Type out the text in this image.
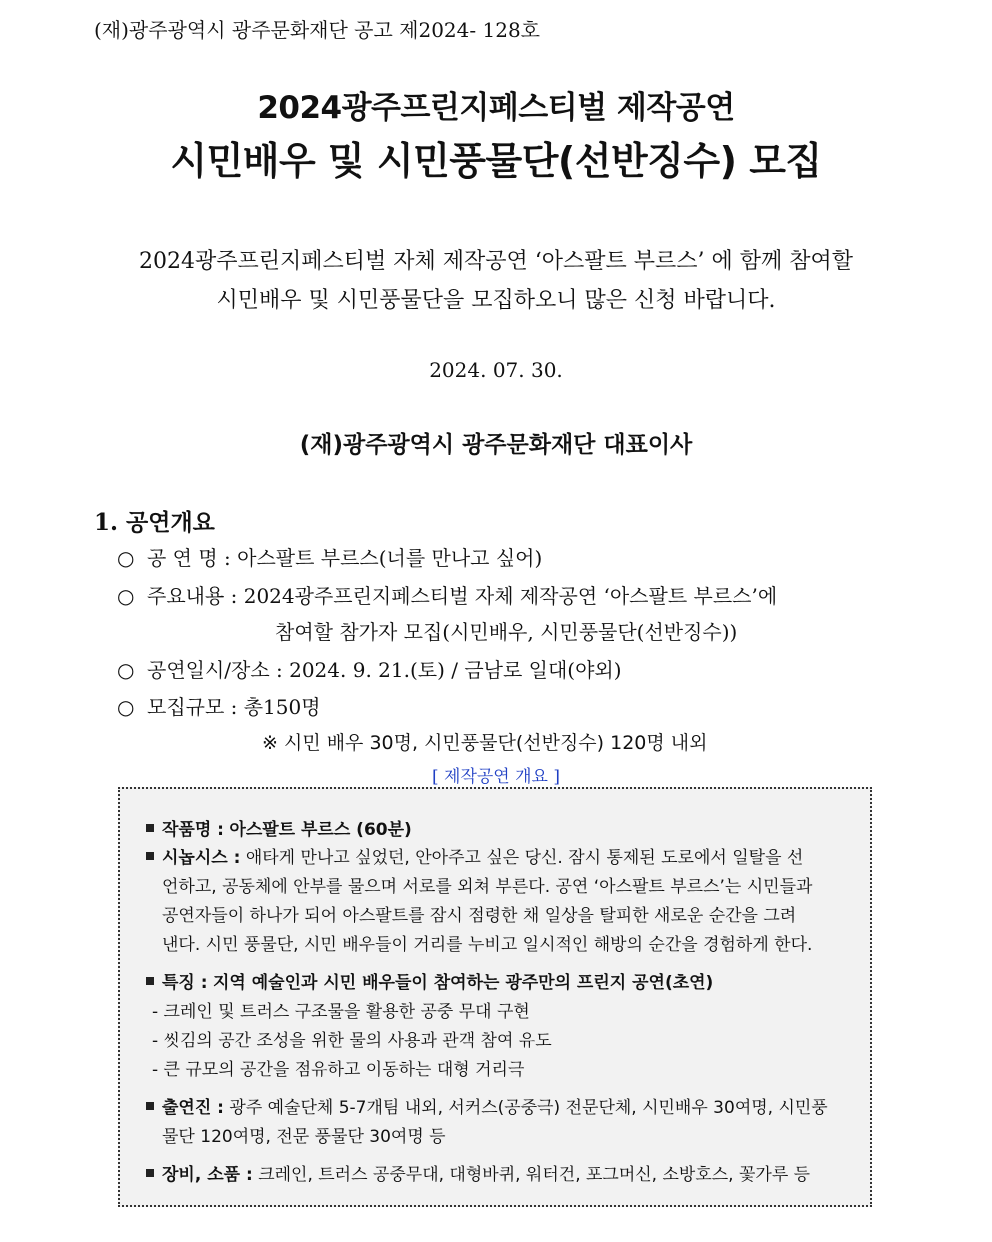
(재)광주광역시 광주문화재단 공고 제2024- 128호
2024광주프린지페스티벌 제작공연
시민배우 및 시민풍물단(선반징수) 모집
2024광주프린지페스티벌 자체 제작공연 ‘아스팔트 부르스’ 에 함께 참여할
시민배우 및 시민풍물단을 모집하오니 많은 신청 바랍니다.
2024. 07. 30.
(재)광주광역시 광주문화재단 대표이사
1. 공연개요
○ 공 연 명 : 아스팔트 부르스(너를 만나고 싶어)
○ 주요내용 : 2024광주프린지페스티벌 자체 제작공연 ‘아스팔트 부르스’에
참여할 참가자 모집(시민배우, 시민풍물단(선반징수))
○ 공연일시/장소 : 2024. 9. 21.(토) / 금남로 일대(야외)
○ 모집규모 : 총150명
※ 시민 배우 30명, 시민풍물단(선반징수) 120명 내외
[ 제작공연 개요 ]
작품명 : 아스팔트 부르스 (60분)
시놉시스 : 애타게 만나고 싶었던, 안아주고 싶은 당신. 잠시 통제된 도로에서 일탈을 선
언하고, 공동체에 안부를 물으며 서로를 외쳐 부른다. 공연 ‘아스팔트 부르스’는 시민들과
공연자들이 하나가 되어 아스팔트를 잠시 점령한 채 일상을 탈피한 새로운 순간을 그려
낸다. 시민 풍물단, 시민 배우들이 거리를 누비고 일시적인 해방의 순간을 경험하게 한다.
특징 : 지역 예술인과 시민 배우들이 참여하는 광주만의 프린지 공연(초연)
- 크레인 및 트러스 구조물을 활용한 공중 무대 구현
- 씻김의 공간 조성을 위한 물의 사용과 관객 참여 유도
- 큰 규모의 공간을 점유하고 이동하는 대형 거리극
출연진 : 광주 예술단체 5-7개팀 내외, 서커스(공중극) 전문단체, 시민배우 30여명, 시민풍
물단 120여명, 전문 풍물단 30여명 등
장비, 소품 : 크레인, 트러스 공중무대, 대형바퀴, 워터건, 포그머신, 소방호스, 꽃가루 등
